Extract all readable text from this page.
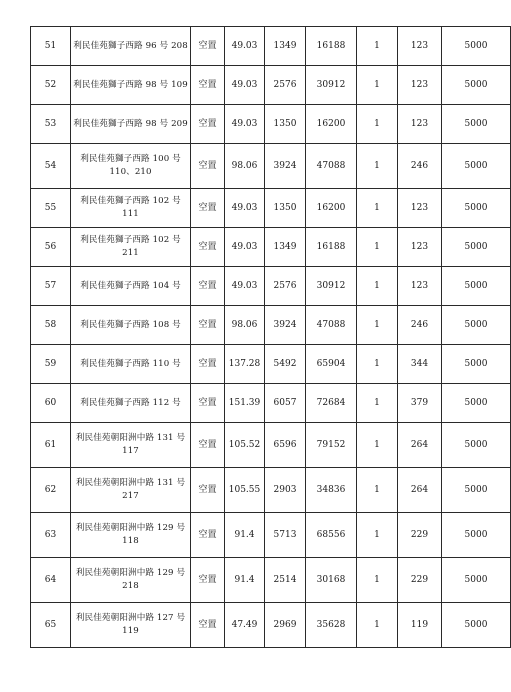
51	利民佳苑獅子西路 96 号 208	空置	49.03	1349	16188	1	123	5000
52	利民佳苑獅子西路 98 号 109	空置	49.03	2576	30912	1	123	5000
53	利民佳苑獅子西路 98 号 209	空置	49.03	1350	16200	1	123	5000
54	利民佳苑獅子西路 100 号 110、210	空置	98.06	3924	47088	1	246	5000
55	利民佳苑獅子西路 102 号 111	空置	49.03	1350	16200	1	123	5000
56	利民佳苑獅子西路 102 号 211	空置	49.03	1349	16188	1	123	5000
57	利民佳苑獅子西路 104 号	空置	49.03	2576	30912	1	123	5000
58	利民佳苑獅子西路 108 号	空置	98.06	3924	47088	1	246	5000
59	利民佳苑獅子西路 110 号	空置	137.28	5492	65904	1	344	5000
60	利民佳苑獅子西路 112 号	空置	151.39	6057	72684	1	379	5000
61	利民佳苑朝阳洲中路 131 号 117	空置	105.52	6596	79152	1	264	5000
62	利民佳苑朝阳洲中路 131 号 217	空置	105.55	2903	34836	1	264	5000
63	利民佳苑朝阳洲中路 129 号 118	空置	91.4	5713	68556	1	229	5000
64	利民佳苑朝阳洲中路 129 号 218	空置	91.4	2514	30168	1	229	5000
65	利民佳苑朝阳洲中路 127 号 119	空置	47.49	2969	35628	1	119	5000
